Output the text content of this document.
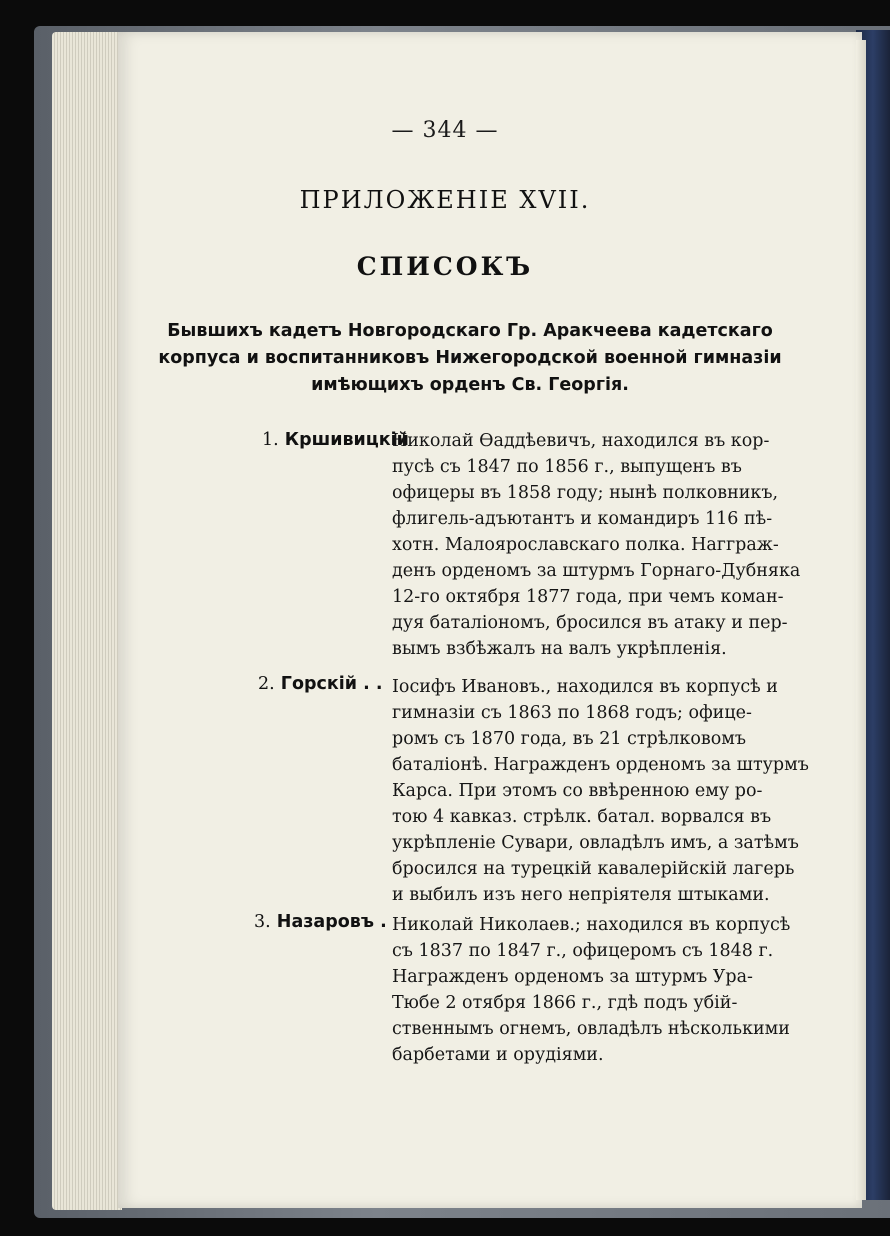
— 344 —
ПРИЛОЖЕНIЕ XVII.
СПИСОКЪ
Бывшихъ кадетъ Новгородскаго Гр. Аракчеева кадетскаго
корпуса и воспитанниковъ Нижегородской военной гимназiи
имѣющихъ орденъ Св. Георгiя.
1. Кршивицкiй
Николай Ѳаддѣевичъ, находился въ кор-
пусѣ съ 1847 по 1856 г., выпущенъ въ
офицеры въ 1858 году; нынѣ полковникъ,
флигель-адъютантъ и командиръ 116 пѣ-
хотн. Малоярославскаго полка. Нагграж-
денъ орденомъ за штурмъ Горнаго-Дубняка
12-го октября 1877 года, при чемъ коман-
дуя баталiономъ, бросился въ атаку и пер-
вымъ взбѣжалъ на валъ укрѣпленiя.
2. Горскiй . . Iосифъ Ивановъ., находился въ корпусѣ и
гимназiи съ 1863 по 1868 годъ; офице-
ромъ съ 1870 года, въ 21 стрѣлковомъ
баталiонѣ. Награжденъ орденомъ за штурмъ
Карса. При этомъ со ввѣренною ему ро-
тою 4 кавказ. стрѣлк. батал. ворвался въ
укрѣпленiе Сувари, овладѣлъ имъ, а затѣмъ
бросился на турецкiй кавалерiйскiй лагерь
и выбилъ изъ него непрiятеля штыками.
3. Назаровъ . Николай Николаев.; находился въ корпусѣ
съ 1837 по 1847 г., офицеромъ съ 1848 г.
Награжденъ орденомъ за штурмъ Ура-
Тюбе 2 отября 1866 г., гдѣ подъ убiй-
ственнымъ огнемъ, овладѣлъ нѣсколькими
барбетами и орудiями.
